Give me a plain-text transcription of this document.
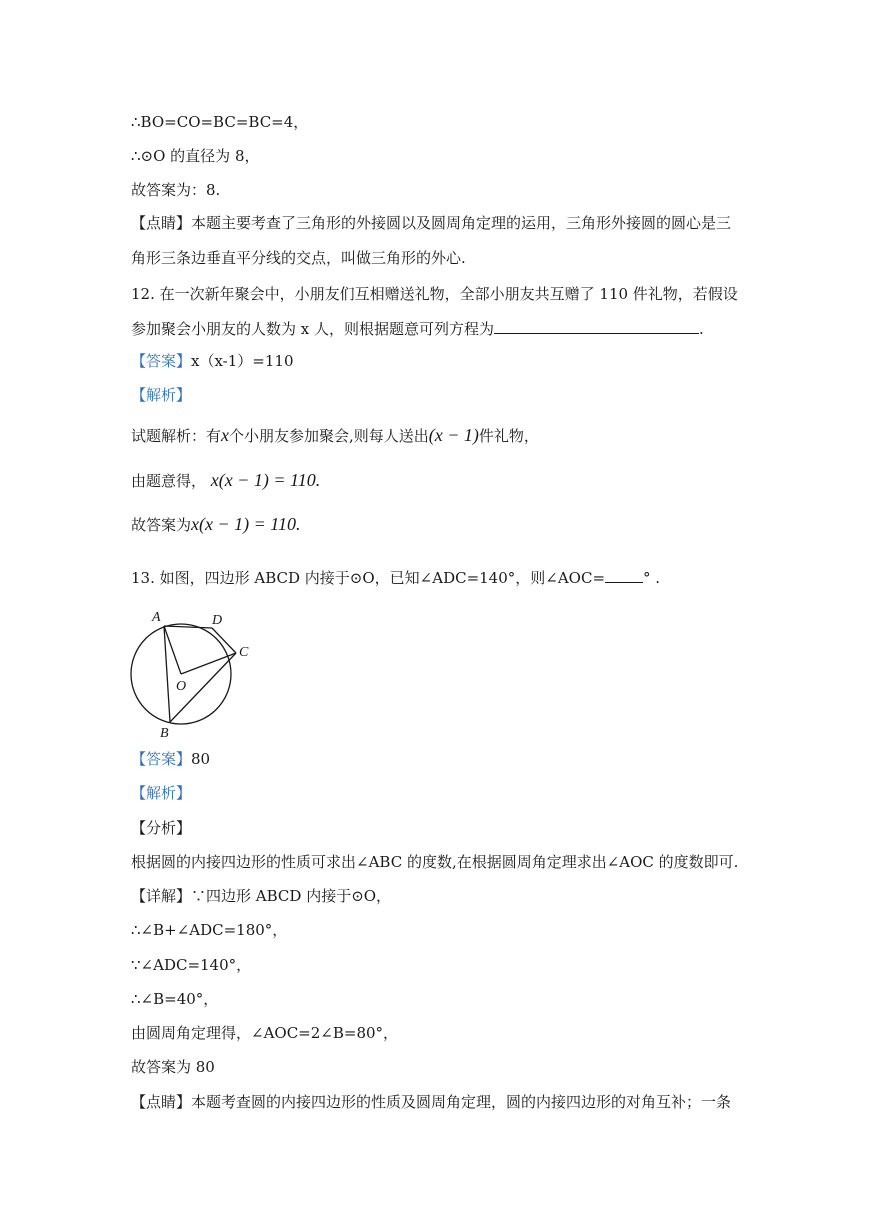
∴BO=CO=BC=BC=4，
∴⊙O 的直径为 8，
故答案为：8.
【点睛】本题主要考查了三角形的外接圆以及圆周角定理的运用，三角形外接圆的圆心是三
角形三条边垂直平分线的交点，叫做三角形的外心.
12. 在一次新年聚会中，小朋友们互相赠送礼物，全部小朋友共互赠了 110 件礼物，若假设
参加聚会小朋友的人数为 x 人，则根据题意可列方程为	.
【答案】x（x-1）=110
【解析】
试题解析：有x个小朋友参加聚会,则每人送出(x − 1)件礼物，
由题意得， x(x − 1) = 110.
故答案为x(x − 1) = 110.
13. 如图，四边形 ABCD 内接于⊙O，已知∠ADC=140°，则∠AOC=	° .
A	D
C
O
B
【答案】80
【解析】
【分析】
根据圆的内接四边形的性质可求出∠ABC 的度数,在根据圆周角定理求出∠AOC 的度数即可.
【详解】∵四边形 ABCD 内接于⊙O，
∴∠B+∠ADC=180°，
∵∠ADC=140°，
∴∠B=40°，
由圆周角定理得，∠AOC=2∠B=80°，
故答案为 80
【点睛】本题考查圆的内接四边形的性质及圆周角定理，圆的内接四边形的对角互补；一条
